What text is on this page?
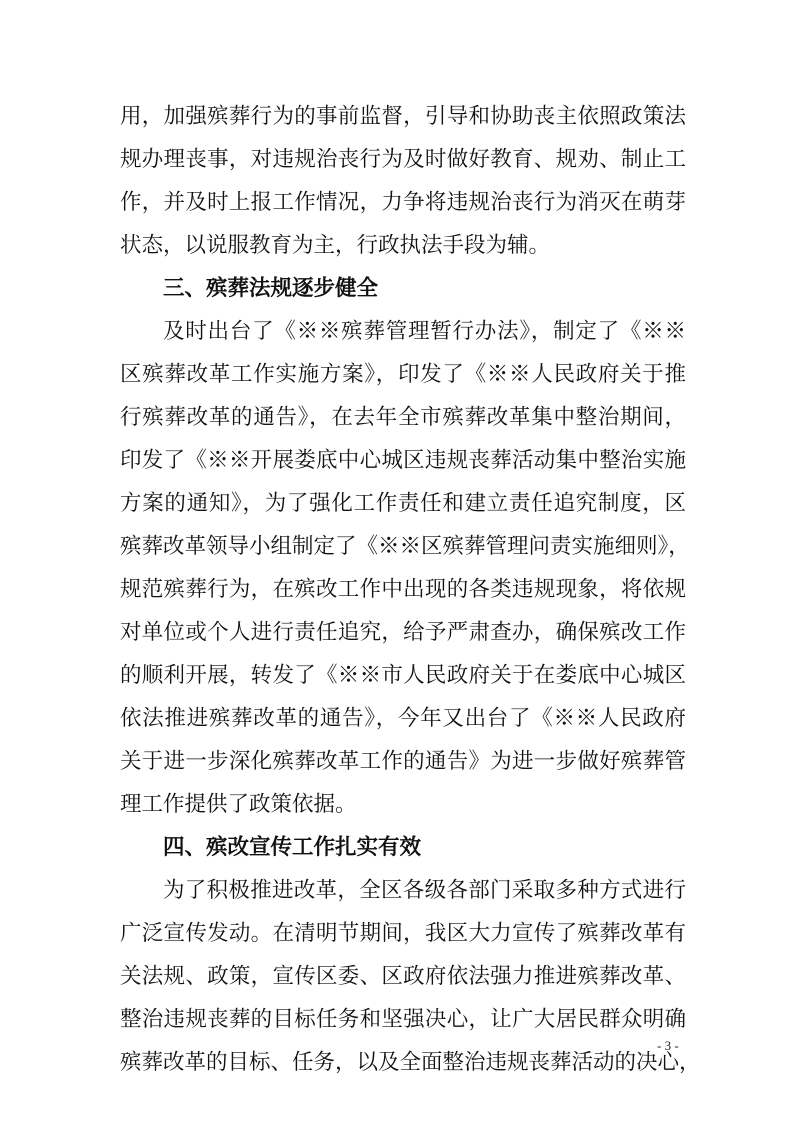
用，加强殡葬行为的事前监督，引导和协助丧主依照政策法
规办理丧事，对违规治丧行为及时做好教育、规劝、制止工
作，并及时上报工作情况，力争将违规治丧行为消灭在萌芽
状态，以说服教育为主，行政执法手段为辅。
三、殡葬法规逐步健全
及时出台了《※※殡葬管理暂行办法》，制定了《※※
区殡葬改革工作实施方案》，印发了《※※人民政府关于推
行殡葬改革的通告》，在去年全市殡葬改革集中整治期间，
印发了《※※开展娄底中心城区违规丧葬活动集中整治实施
方案的通知》，为了强化工作责任和建立责任追究制度，区
殡葬改革领导小组制定了《※※区殡葬管理问责实施细则》，
规范殡葬行为，在殡改工作中出现的各类违规现象，将依规
对单位或个人进行责任追究，给予严肃查办，确保殡改工作
的顺利开展，转发了《※※市人民政府关于在娄底中心城区
依法推进殡葬改革的通告》，今年又出台了《※※人民政府
关于进一步深化殡葬改革工作的通告》为进一步做好殡葬管
理工作提供了政策依据。
四、殡改宣传工作扎实有效
为了积极推进改革，全区各级各部门采取多种方式进行
广泛宣传发动。在清明节期间，我区大力宣传了殡葬改革有
关法规、政策，宣传区委、区政府依法强力推进殡葬改革、
整治违规丧葬的目标任务和坚强决心，让广大居民群众明确
殡葬改革的目标、任务，以及全面整治违规丧葬活动的决心，
- 3 -
